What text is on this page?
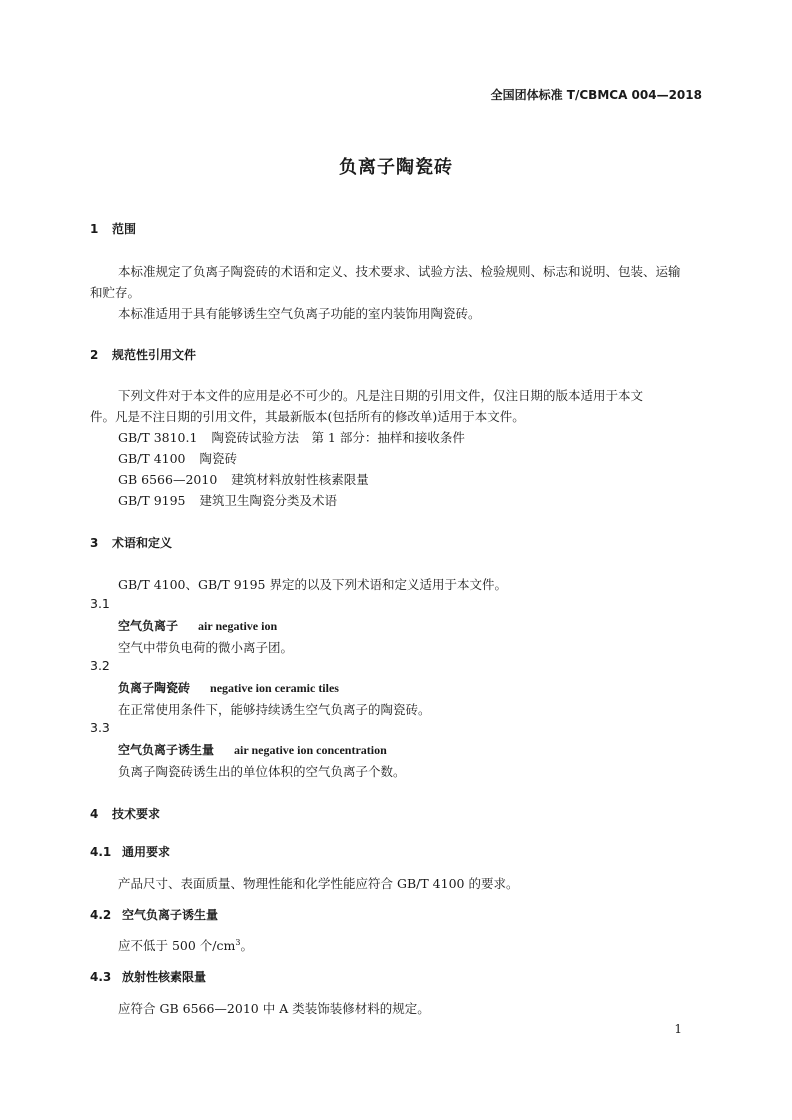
全国团体标准 T/CBMCA 004—2018
负离子陶瓷砖
1 范围
本标准规定了负离子陶瓷砖的术语和定义、技术要求、试验方法、检验规则、标志和说明、包装、运输
和贮存。
本标准适用于具有能够诱生空气负离子功能的室内装饰用陶瓷砖。
2 规范性引用文件
下列文件对于本文件的应用是必不可少的。凡是注日期的引用文件，仅注日期的版本适用于本文
件。凡是不注日期的引用文件，其最新版本(包括所有的修改单)适用于本文件。
GB/T 3810.1 陶瓷砖试验方法　第 1 部分：抽样和接收条件
GB/T 4100 陶瓷砖
GB 6566—2010 建筑材料放射性核素限量
GB/T 9195 建筑卫生陶瓷分类及术语
3 术语和定义
GB/T 4100、GB/T 9195 界定的以及下列术语和定义适用于本文件。
3.1
空气负离子 air negative ion
空气中带负电荷的微小离子团。
3.2
负离子陶瓷砖 negative ion ceramic tiles
在正常使用条件下，能够持续诱生空气负离子的陶瓷砖。
3.3
空气负离子诱生量 air negative ion concentration
负离子陶瓷砖诱生出的单位体积的空气负离子个数。
4 技术要求
4.1 通用要求
产品尺寸、表面质量、物理性能和化学性能应符合 GB/T 4100 的要求。
4.2 空气负离子诱生量
应不低于 500 个$/cm^3$。
4.3 放射性核素限量
应符合 GB 6566—2010 中 A 类装饰装修材料的规定。
1
